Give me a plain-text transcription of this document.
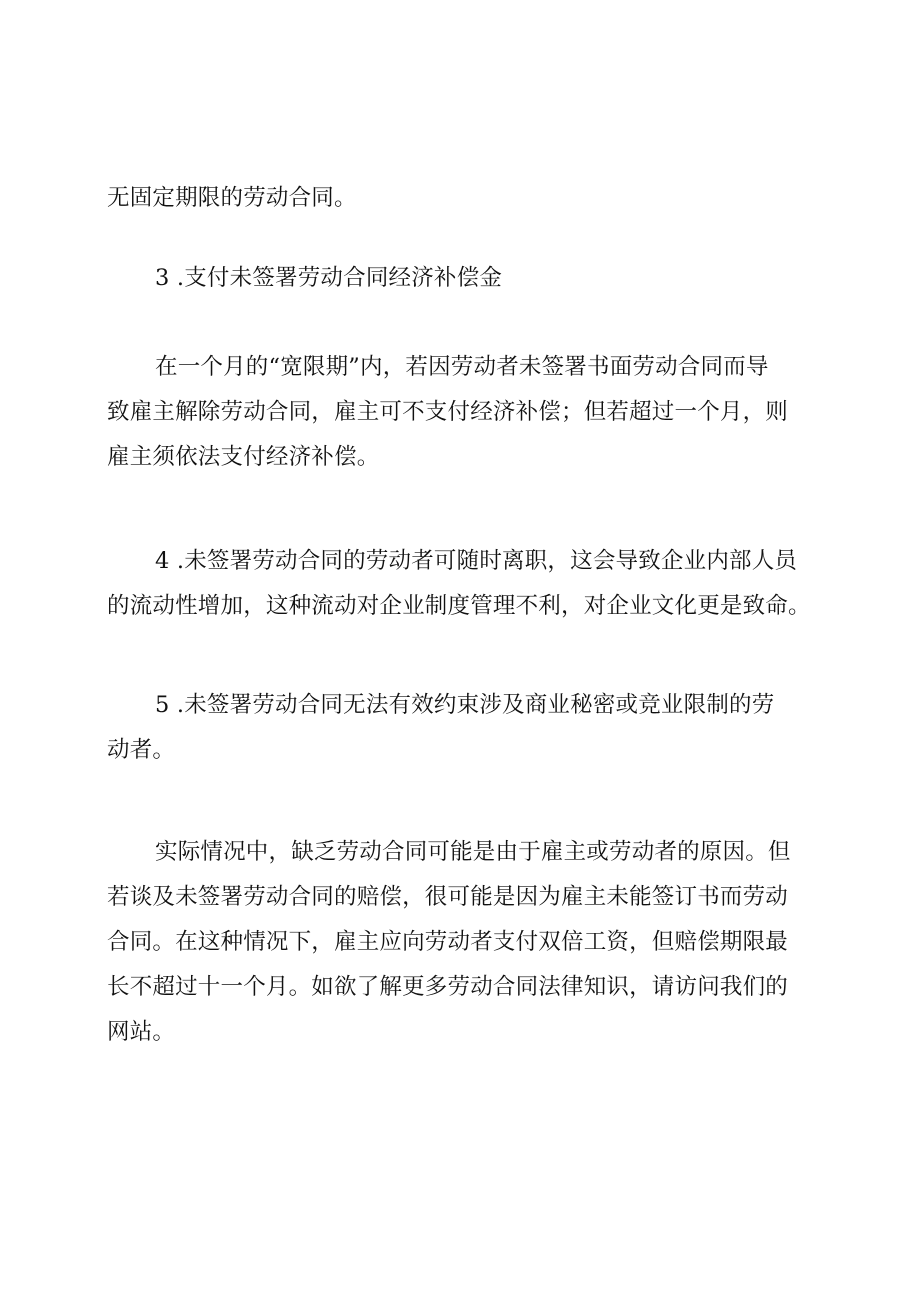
无固定期限的劳动合同。

3 .支付未签署劳动合同经济补偿金

在一个月的“宽限期”内，若因劳动者未签署书面劳动合同而导
致雇主解除劳动合同，雇主可不支付经济补偿；但若超过一个月，则
雇主须依法支付经济补偿。

4 .未签署劳动合同的劳动者可随时离职，这会导致企业内部人员
的流动性增加，这种流动对企业制度管理不利，对企业文化更是致命。

5 .未签署劳动合同无法有效约束涉及商业秘密或竞业限制的劳
动者。

实际情况中，缺乏劳动合同可能是由于雇主或劳动者的原因。但
若谈及未签署劳动合同的赔偿，很可能是因为雇主未能签订书而劳动
合同。在这种情况下，雇主应向劳动者支付双倍工资，但赔偿期限最
长不超过十一个月。如欲了解更多劳动合同法律知识，请访问我们的
网站。
